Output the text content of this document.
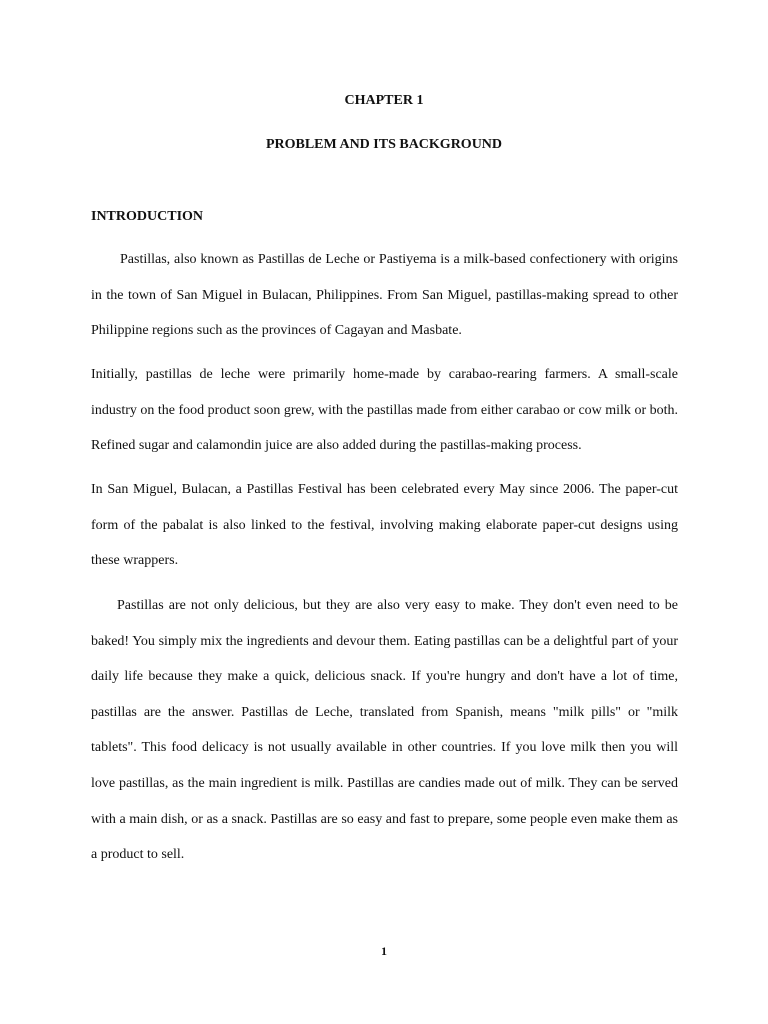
CHAPTER 1
PROBLEM AND ITS BACKGROUND
INTRODUCTION

Pastillas, also known as Pastillas de Leche or Pastiyema is a milk-based confectionery with origins in the town of San Miguel in Bulacan, Philippines. From San Miguel, pastillas-making spread to other Philippine regions such as the provinces of Cagayan and Masbate.

Initially, pastillas de leche were primarily home-made by carabao-rearing farmers. A small-scale industry on the food product soon grew, with the pastillas made from either carabao or cow milk or both. Refined sugar and calamondin juice are also added during the pastillas-making process.

In San Miguel, Bulacan, a Pastillas Festival has been celebrated every May since 2006. The paper-cut form of the pabalat is also linked to the festival, involving making elaborate paper-cut designs using these wrappers.

Pastillas are not only delicious, but they are also very easy to make. They don't even need to be baked! You simply mix the ingredients and devour them. Eating pastillas can be a delightful part of your daily life because they make a quick, delicious snack. If you're hungry and don't have a lot of time, pastillas are the answer. Pastillas de Leche, translated from Spanish, means "milk pills" or "milk tablets". This food delicacy is not usually available in other countries. If you love milk then you will love pastillas, as the main ingredient is milk. Pastillas are candies made out of milk. They can be served with a main dish, or as a snack. Pastillas are so easy and fast to prepare, some people even make them as a product to sell.

1
